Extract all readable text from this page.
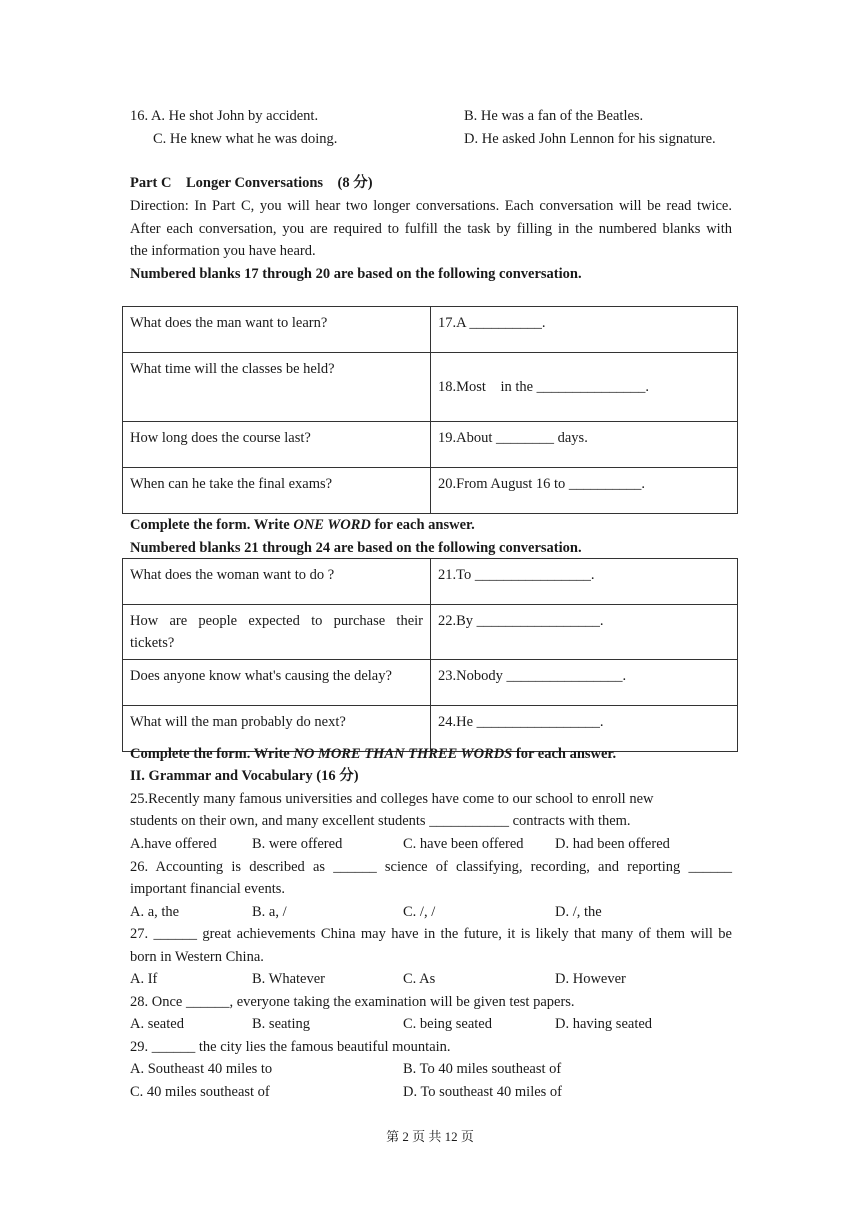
16. A. He shot John by accident.	B. He was a fan of the Beatles.
C. He knew what he was doing.	D. He asked John Lennon for his signature.
Part C　Longer Conversations　(8 分)
Direction: In Part C, you will hear two longer conversations. Each conversation will be read twice.
After each conversation, you are required to fulfill the task by filling in the numbered blanks with
the information you have heard.
Numbered blanks 17 through 20 are based on the following conversation.
What does the man want to learn?	17.A __________.
What time will the classes be held?	18.Most　in the _______________.
How long does the course last?	19.About ________ days.
When can he take the final exams?	20.From August 16 to __________.
Complete the form. Write ONE WORD for each answer.
Numbered blanks 21 through 24 are based on the following conversation.
What does the woman want to do ?	21.To ________________.
How are people expected to purchase their tickets?	22.By _________________.
Does anyone know what's causing the delay?	23.Nobody ________________.
What will the man probably do next?	24.He _________________.
Complete the form. Write NO MORE THAN THREE WORDS for each answer.
II. Grammar and Vocabulary (16 分)
25.Recently many famous universities and colleges have come to our school to enroll new
students on their own, and many excellent students ___________ contracts with them.
A.have offered B. were offered	C. have been offered D. had been offered
26. Accounting is described as ______ science of classifying, recording, and reporting ______
important financial events.
A. a, the	B. a, /	C. /, /	D. /, the
27. ______ great achievements China may have in the future, it is likely that many of them will be
born in Western China.
A. If	B. Whatever	C. As	D. However
28. Once ______, everyone taking the examination will be given test papers.
A. seated	B. seating	C. being seated	D. having seated
29. ______ the city lies the famous beautiful mountain.
A. Southeast 40 miles to	B. To 40 miles southeast of
C. 40 miles southeast of	D. To southeast 40 miles of
第 2 页 共 12 页
